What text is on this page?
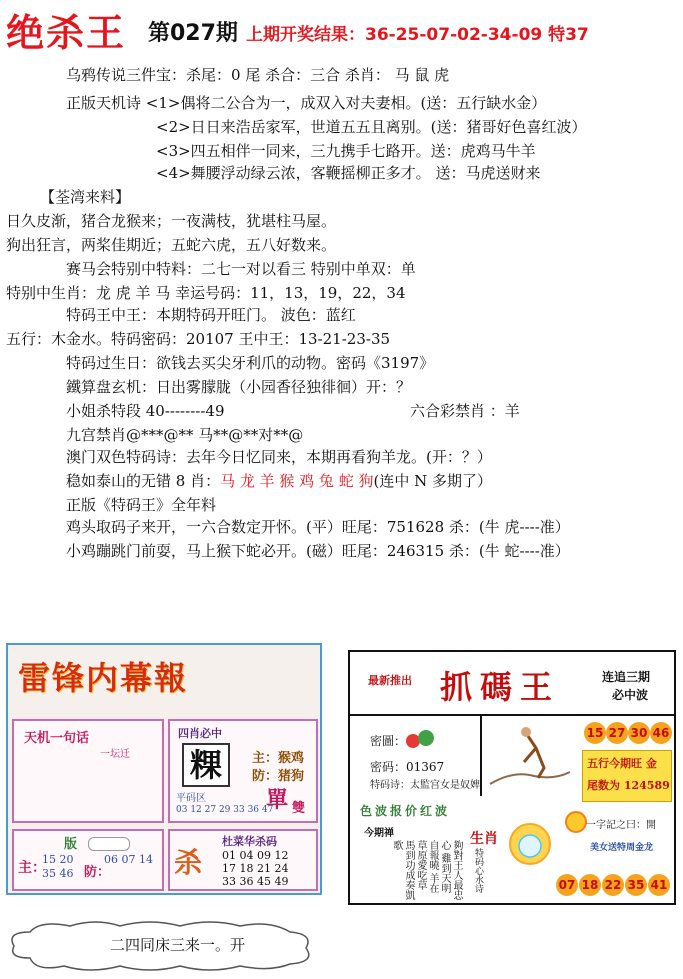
绝杀王 第027期 上期开奖结果：36-25-07-02-34-09 特37
乌鸦传说三件宝：杀尾：0 尾 杀合：三合 杀肖： 马 鼠 虎
正版天机诗 <1>偶将二公合为一，成双入对夫妻相。(送：五行缺水金）
<2>日日来浩岳家军，世道五五且离别。(送：猪哥好色喜红波）
<3>四五相伴一同来，三九携手七路开。送：虎鸡马牛羊
<4>舞腰浮动绿云浓，客鞭摇柳正多才。 送：马虎送财来
【荃湾来料】
日久皮渐，猪合龙猴来；一夜满枝，犹堪柱马屋。
狗出狂言，两桨佳期近；五蛇六虎，五八好数来。
赛马会特别中特料：二七一对以看三 特别中单双：单
特别中生肖：龙 虎 羊 马 幸运号码：11，13，19，22，34
特码王中王：本期特码开旺门。 波色：蓝红
五行：木金水。特码密码：20107 王中王：13-21-23-35
特码过生日：欲钱去买尖牙利爪的动物。密码《3197》
鐵算盘玄机：日出雾朦胧（小园香径独徘徊）开：？
小姐杀特段 40--------49	六合彩禁肖 ：羊
九宫禁肖@***@** 马**@**对**@
澳门双色特码诗：去年今日忆同来，本期再看狗羊龙。(开：？）
稳如泰山的无错 8 肖：马 龙 羊 猴 鸡 兔 蛇 狗(连中 N 多期了）
正版《特码王》全年料
鸡头取码子来开，一六合数定开怀。(平）旺尾：751628 杀：(牛 虎----准）
小鸡蹦跳门前耍，马上猴下蛇必开。(磁）旺尾：246315 杀：(牛 蛇----准）
雷锋内幕報
天机一句话
一坛迁
四肖必中
粿	主：猴鸡
防：猪狗
平码区
03 12 27 29 33 36 47
單 雙
版
主：
15 20
35 46 防：
06 07 14 杀
杜菜华杀码
01 04 09 12
17 18 21 24
33 36 45 49
二四同床三来一。开
最新推出 抓碼王	连追三期
必中波
密圖：
密码：01367
特码诗：太監宫女是奴婢
15 27 30 46
五行今期旺 金
尾数为 124589
色波报价红波
今期禅	生肖
夠對王人最忠心 雞到天明自報曉 羊在草原愛吃草 馬到功成奏凱歌
特码心水诗
一字記之曰：開
美女送特周金龙
07 18 22 35 41
